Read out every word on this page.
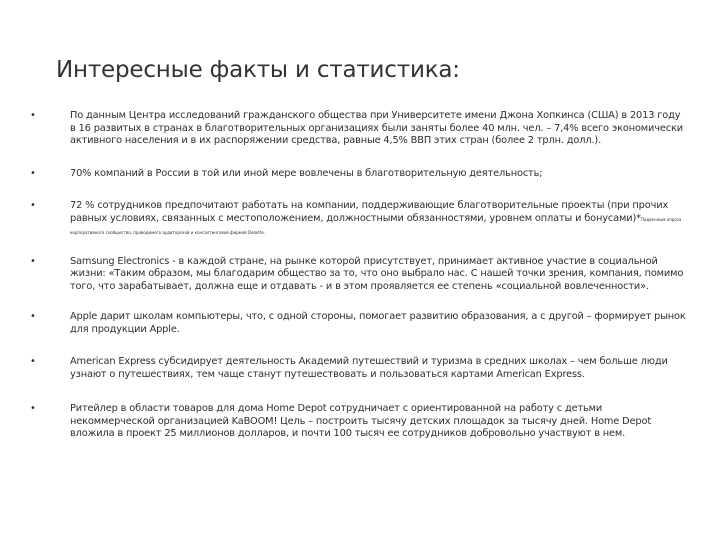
Интересные факты и статистика:
•	По данным Центра исследований гражданского общества при Университете имени Джона Хопкинса (США) в 2013 году в 16 развитых в странах в благотворительных организациях были заняты более 40 млн. чел. – 7,4% всего экономически активного населения и в их распоряжении средства, равные 4,5% ВВП этих стран (более 2 трлн. долл.).
•	70% компаний в России в той или иной мере вовлечены в благотворительную деятельность;
•	72 % сотрудников предпочитают работать на компании, поддерживающие благотворительные проекты (при прочих равных условиях, связанных с местоположением, должностными обязанностями, уровнем оплаты и бонусами)*Подаенным опроса корпоративного сообщества, проводимого аудиторской и консалтинговой фирмой Deloitte.
•	Samsung Electronics - в каждой стране, на рынке которой присутствует, принимает активное участие в социальной жизни: «Таким образом, мы благодарим общество за то, что оно выбрало нас. С нашей точки зрения, компания, помимо того, что зарабатывает, должна еще и отдавать - и в этом проявляется ее степень «социальной вовлеченности».
•	Apple дарит школам компьютеры, что, с одной стороны, помогает развитию образования, а с другой – формирует рынок для продукции Apple.
•	American Express субсидирует деятельность Академий путешествий и туризма в средних школах – чем больше люди узнают о путешествиях, тем чаще станут путешествовать и пользоваться картами American Express.
•	Ритейлер в области товаров для дома Home Depot сотрудничает с ориентированной на работу с детьми некоммерческой организацией KaBOOM! Цель – построить тысячу детских площадок за тысячу дней. Home Depot вложила в проект 25 миллионов долларов, и почти 100 тысяч ее сотрудников добровольно участвуют в нем.
